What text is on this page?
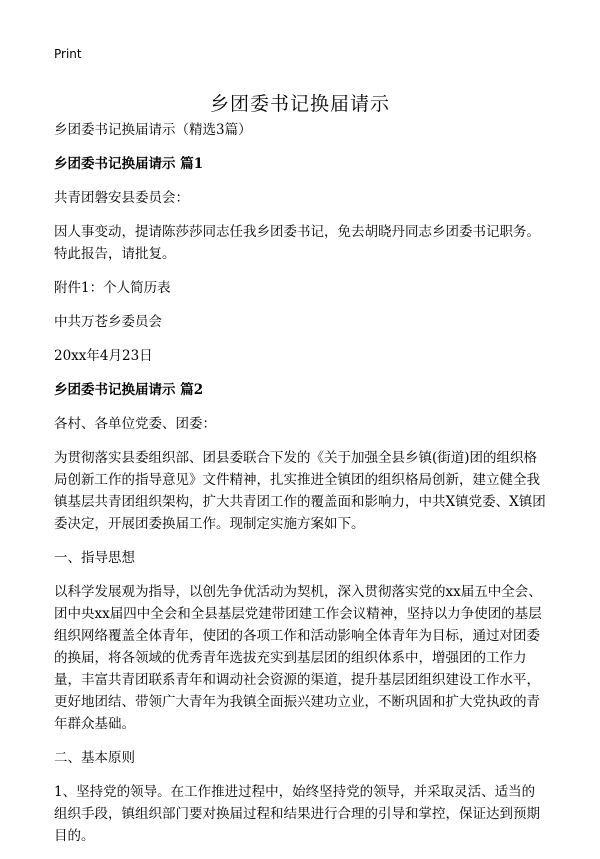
Print
乡团委书记换届请示

乡团委书记换届请示（精选3篇）

乡团委书记换届请示 篇1

共青团磐安县委员会：

因人事变动，提请陈莎莎同志任我乡团委书记，免去胡晓丹同志乡团委书记职务。特此报告，请批复。

附件1：个人简历表

中共万苍乡委员会

20xx年4月23日

乡团委书记换届请示 篇2

各村、各单位党委、团委：

为贯彻落实县委组织部、团县委联合下发的《关于加强全县乡镇(街道)团的组织格局创新工作的指导意见》文件精神，扎实推进全镇团的组织格局创新，建立健全我镇基层共青团组织架构，扩大共青团工作的覆盖面和影响力，中共X镇党委、X镇团委决定，开展团委换届工作。现制定实施方案如下。

一、指导思想

以科学发展观为指导，以创先争优活动为契机，深入贯彻落实党的xx届五中全会、团中央xx届四中全会和全县基层党建带团建工作会议精神，坚持以力争使团的基层组织网络覆盖全体青年，使团的各项工作和活动影响全体青年为目标，通过对团委的换届，将各领域的优秀青年选拔充实到基层团的组织体系中，增强团的工作力量，丰富共青团联系青年和调动社会资源的渠道，提升基层团组织建设工作水平，更好地团结、带领广大青年为我镇全面振兴建功立业，不断巩固和扩大党执政的青年群众基础。

二、基本原则

1、坚持党的领导。在工作推进过程中，始终坚持党的领导，并采取灵活、适当的组织手段，镇组织部门要对换届过程和结果进行合理的引导和掌控，保证达到预期目的。
